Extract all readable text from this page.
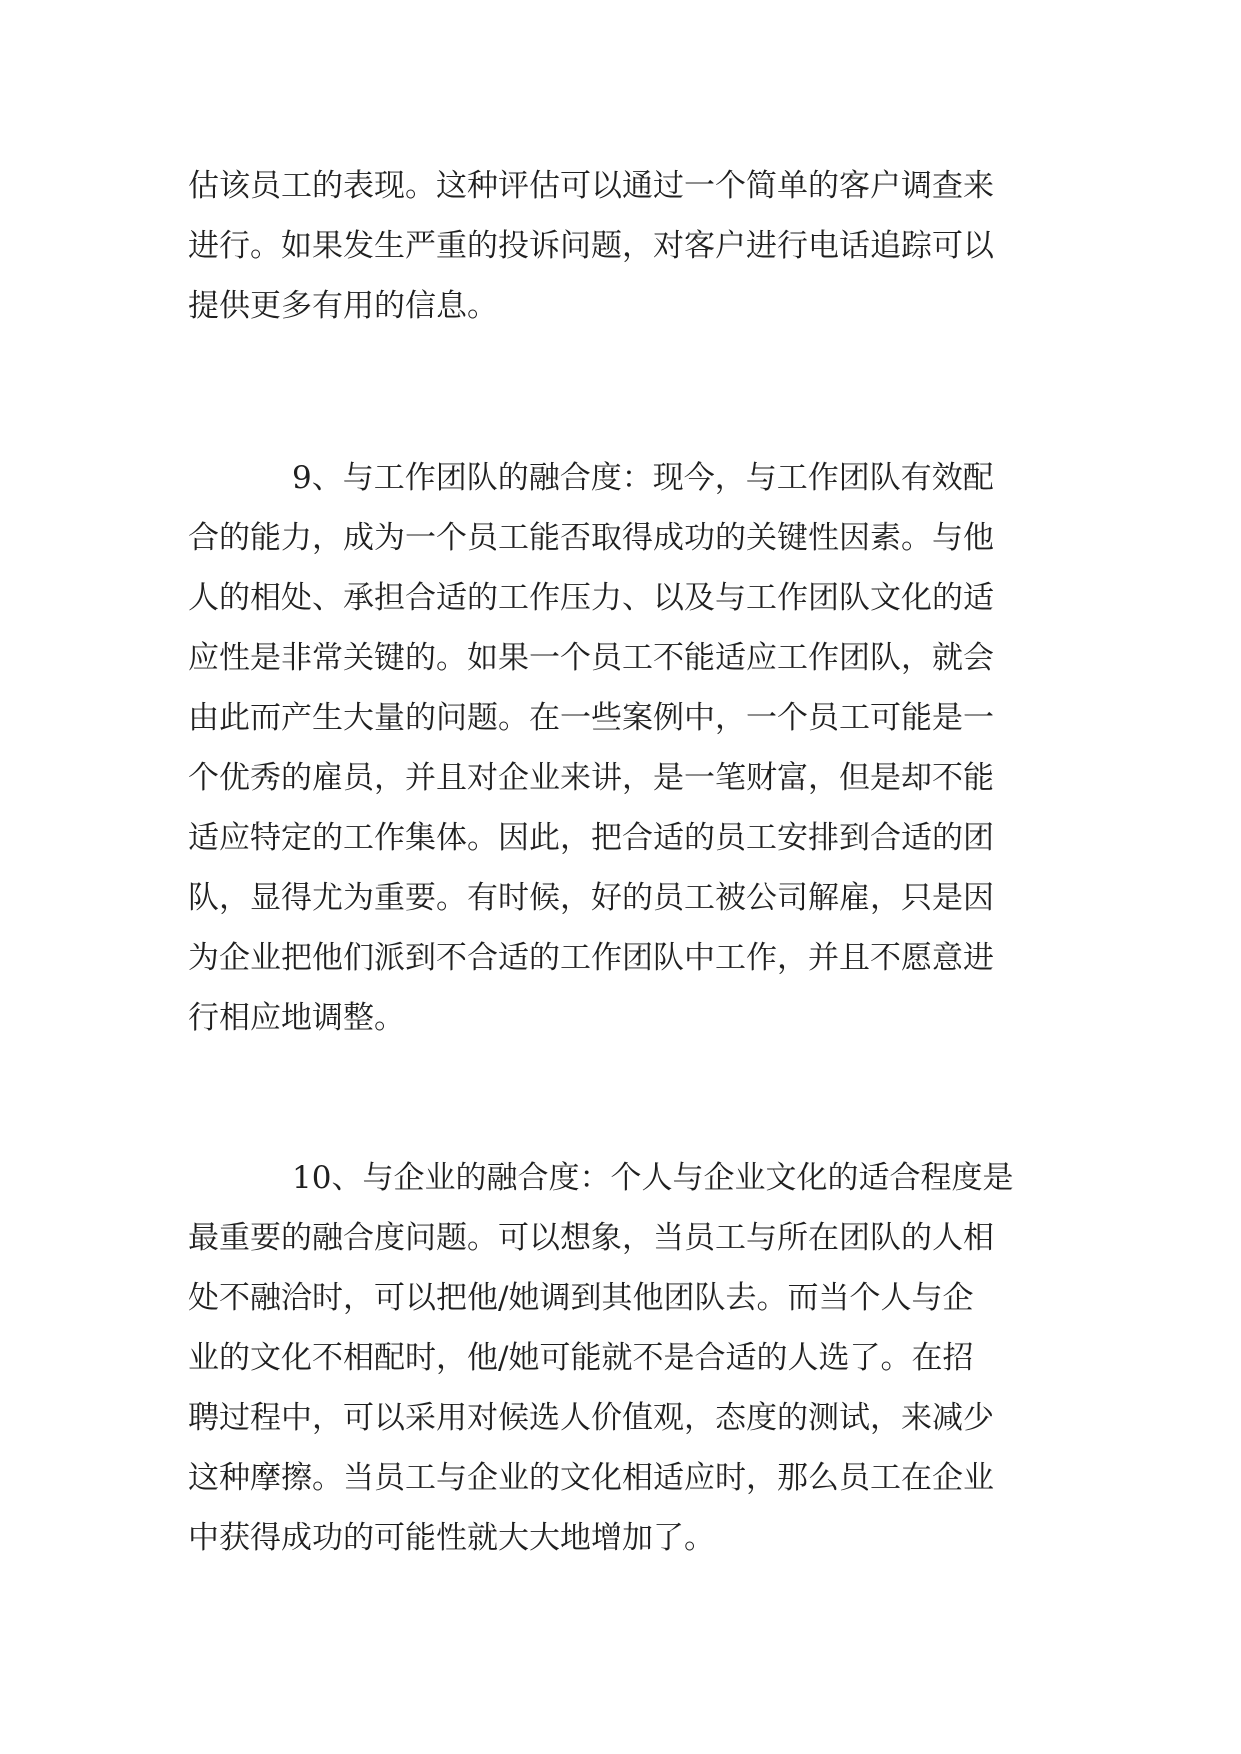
估该员工的表现。这种评估可以通过一个简单的客户调查来
进行。如果发生严重的投诉问题，对客户进行电话追踪可以
提供更多有用的信息。
9、与工作团队的融合度：现今，与工作团队有效配
合的能力，成为一个员工能否取得成功的关键性因素。与他
人的相处、承担合适的工作压力、以及与工作团队文化的适
应性是非常关键的。如果一个员工不能适应工作团队，就会
由此而产生大量的问题。在一些案例中，一个员工可能是一
个优秀的雇员，并且对企业来讲，是一笔财富，但是却不能
适应特定的工作集体。因此，把合适的员工安排到合适的团
队，显得尤为重要。有时候，好的员工被公司解雇，只是因
为企业把他们派到不合适的工作团队中工作，并且不愿意进
行相应地调整。
10、与企业的融合度：个人与企业文化的适合程度是
最重要的融合度问题。可以想象，当员工与所在团队的人相
处不融洽时，可以把他/她调到其他团队去。而当个人与企
业的文化不相配时，他/她可能就不是合适的人选了。在招
聘过程中，可以采用对候选人价值观，态度的测试，来减少
这种摩擦。当员工与企业的文化相适应时，那么员工在企业
中获得成功的可能性就大大地增加了。
